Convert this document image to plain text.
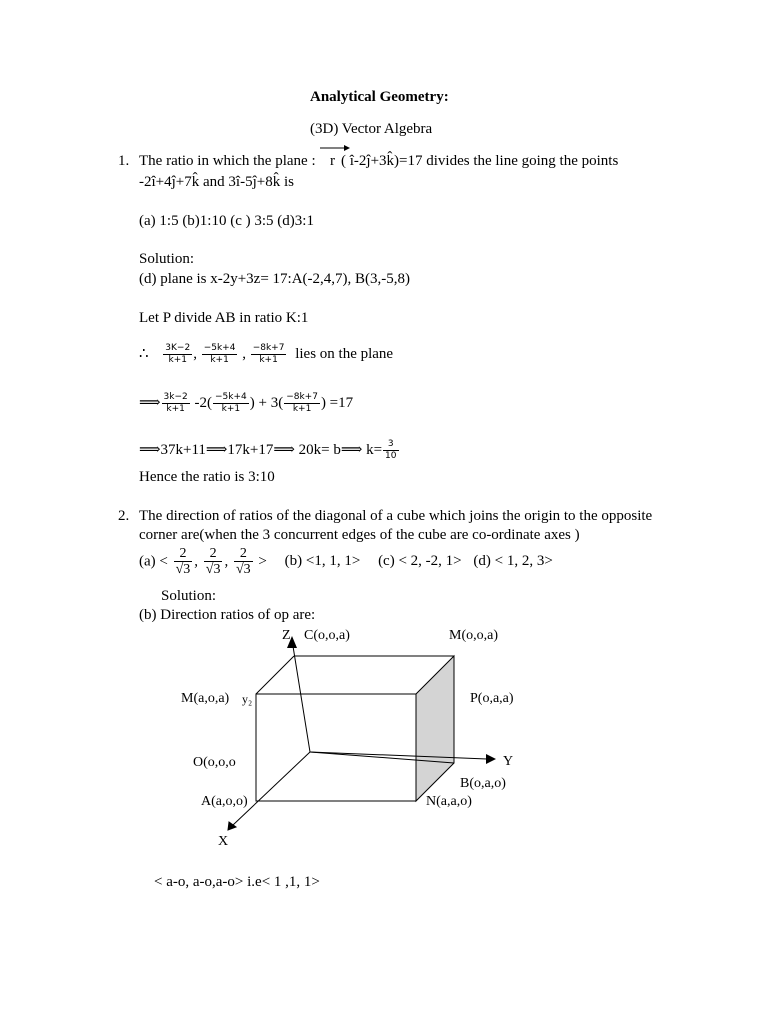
Analytical Geometry:
(3D) Vector Algebra
1. The ratio in which the plane : r ( î-2ĵ+3k̂)=17 divides the line going the points
-2î+4ĵ+7k̂ and 3î-5ĵ+8k̂ is
(a) 1:5 (b)1:10 (c ) 3:5 (d)3:1
Solution:
(d) plane is x-2y+3z= 17:A(-2,4,7), B(3,-5,8)
Let P divide AB in ratio K:1
∴ $\frac{3K-2}{k+1}$ , $\frac{-5k+4}{k+1}$ , $\frac{-8k+7}{k+1}$ lies on the plane
⟹ $\frac{3k-2}{k+1} -2( \frac{-5k+4}{k+1}$ ) + $3( \frac{-8k+7}{k+1}$ ) =17
⟹37k+11⟹17k+17⟹ 20k= b⟹ $k= \frac{3}{10}$
Hence the ratio is 3:10
2. The direction of ratios of the diagonal of a cube which joins the origin to the opposite
corner are(when the 3 concurrent edges of the cube are co-ordinate axes )
$(a) < \frac{2}{√3}$ , $\frac{2}{√3}$ , $\frac{2}{√3} > (b) <1$, 1, 1> (c) < 2, -2, 1> (d) < 1, 2, 3>
Solution:
(b) Direction ratios of op are:
Z C(o,o,a)	M(o,o,a)
M(a,o,a) y₂	P(o,a,a)
O(o,o,o	Y
B(o,a,o)
A(a,o,o)	N(a,a,o)
X
< a-o, a-o,a-o> i.e< 1 ,1, 1>
